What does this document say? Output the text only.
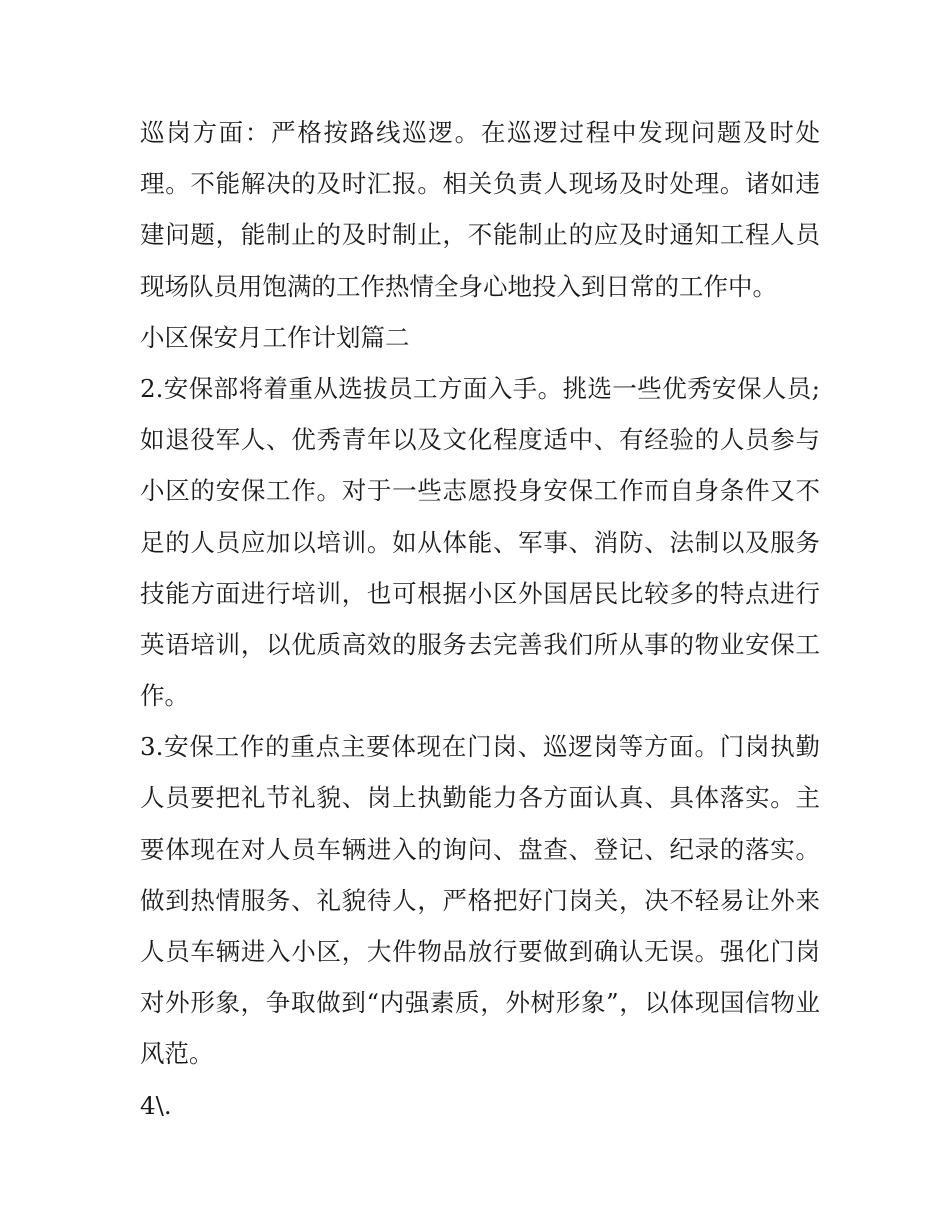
巡岗方面：严格按路线巡逻。在巡逻过程中发现问题及时处
理。不能解决的及时汇报。相关负责人现场及时处理。诸如违
建问题，能制止的及时制止，不能制止的应及时通知工程人员
现场队员用饱满的工作热情全身心地投入到日常的工作中。
小区保安月工作计划篇二
2.安保部将着重从选拔员工方面入手。挑选一些优秀安保人员;
如退役军人、优秀青年以及文化程度适中、有经验的人员参与
小区的安保工作。对于一些志愿投身安保工作而自身条件又不
足的人员应加以培训。如从体能、军事、消防、法制以及服务
技能方面进行培训，也可根据小区外国居民比较多的特点进行
英语培训，以优质高效的服务去完善我们所从事的物业安保工
作。
3.安保工作的重点主要体现在门岗、巡逻岗等方面。门岗执勤
人员要把礼节礼貌、岗上执勤能力各方面认真、具体落实。主
要体现在对人员车辆进入的询问、盘查、登记、纪录的落实。
做到热情服务、礼貌待人，严格把好门岗关，决不轻易让外来
人员车辆进入小区，大件物品放行要做到确认无误。强化门岗
对外形象，争取做到“内强素质，外树形象”，以体现国信物业
风范。
4\.
